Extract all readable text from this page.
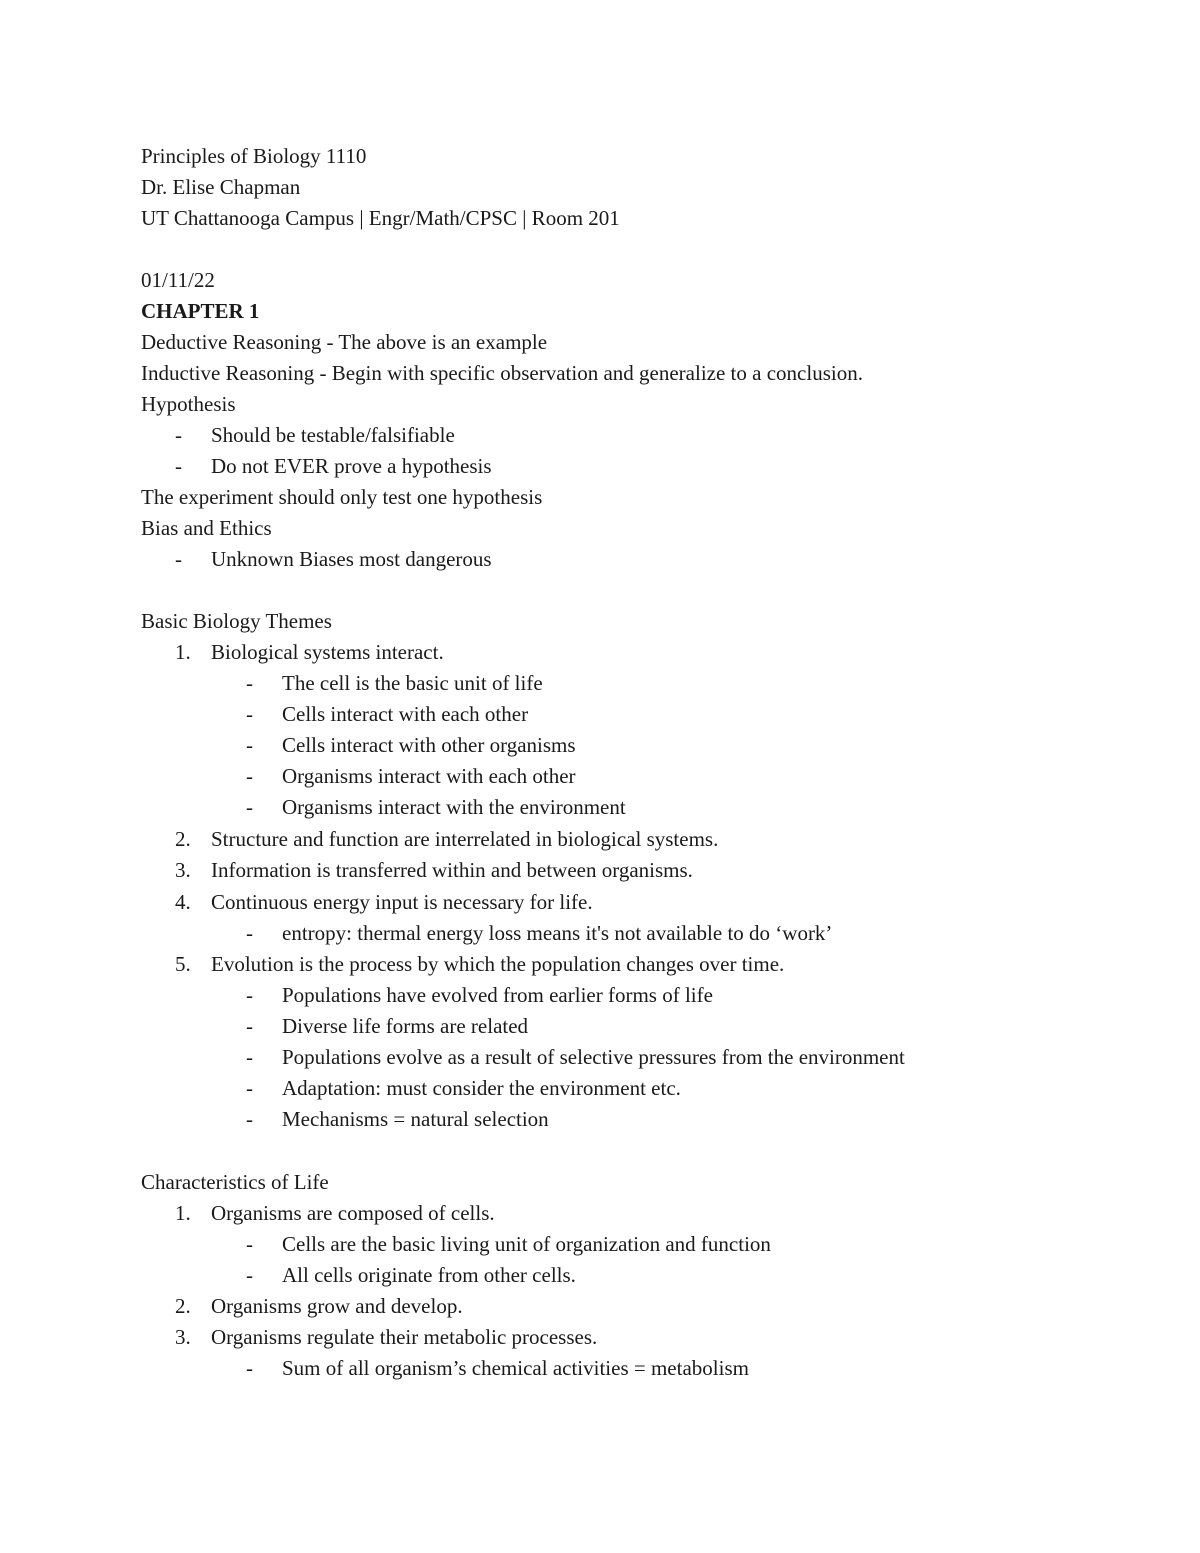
Principles of Biology 1110
Dr. Elise Chapman
UT Chattanooga Campus | Engr/Math/CPSC | Room 201
01/11/22
CHAPTER 1
Deductive Reasoning - The above is an example
Inductive Reasoning - Begin with specific observation and generalize to a conclusion.
Hypothesis
- Should be testable/falsifiable
- Do not EVER prove a hypothesis
The experiment should only test one hypothesis
Bias and Ethics
- Unknown Biases most dangerous
Basic Biology Themes
1. Biological systems interact.
- The cell is the basic unit of life
- Cells interact with each other
- Cells interact with other organisms
- Organisms interact with each other
- Organisms interact with the environment
2. Structure and function are interrelated in biological systems.
3. Information is transferred within and between organisms.
4. Continuous energy input is necessary for life.
- entropy: thermal energy loss means it's not available to do ‘work’
5. Evolution is the process by which the population changes over time.
- Populations have evolved from earlier forms of life
- Diverse life forms are related
- Populations evolve as a result of selective pressures from the environment
- Adaptation: must consider the environment etc.
- Mechanisms = natural selection
Characteristics of Life
1. Organisms are composed of cells.
- Cells are the basic living unit of organization and function
- All cells originate from other cells.
2. Organisms grow and develop.
3. Organisms regulate their metabolic processes.
- Sum of all organism’s chemical activities = metabolism
